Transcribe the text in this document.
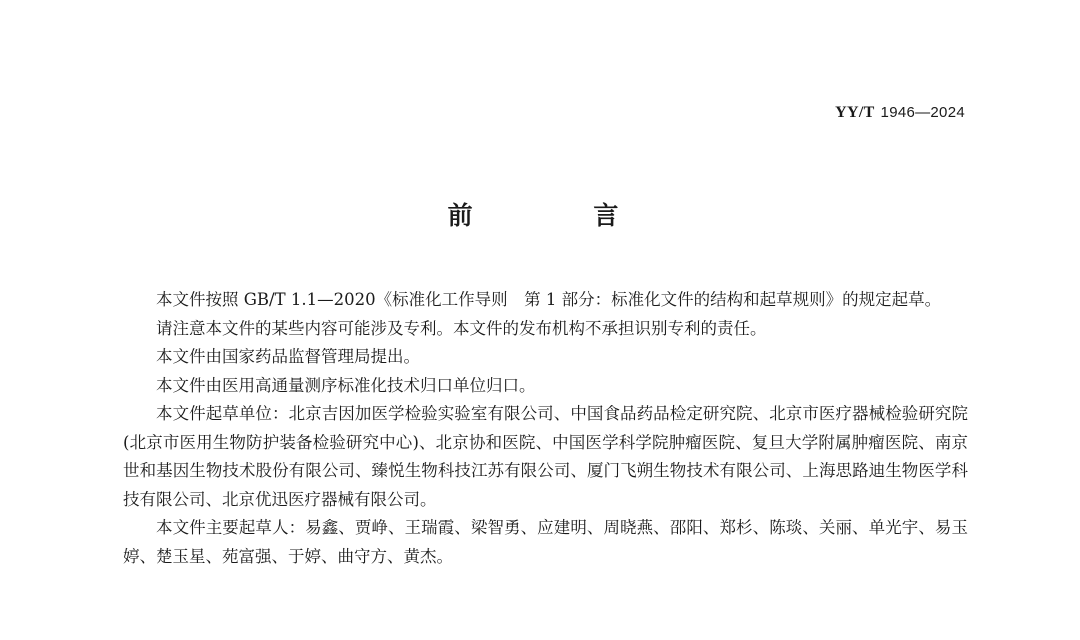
YY/T 1946—2024
前 言

本文件按照 GB/T 1.1—2020《标准化工作导则　第 1 部分：标准化文件的结构和起草规则》的规定起草。

请注意本文件的某些内容可能涉及专利。本文件的发布机构不承担识别专利的责任。

本文件由国家药品监督管理局提出。

本文件由医用高通量测序标准化技术归口单位归口。

本文件起草单位：北京吉因加医学检验实验室有限公司、中国食品药品检定研究院、北京市医疗器械检验研究院(北京市医用生物防护装备检验研究中心)、北京协和医院、中国医学科学院肿瘤医院、复旦大学附属肿瘤医院、南京世和基因生物技术股份有限公司、臻悦生物科技江苏有限公司、厦门飞朔生物技术有限公司、上海思路迪生物医学科技有限公司、北京优迅医疗器械有限公司。

本文件主要起草人：易鑫、贾峥、王瑞霞、梁智勇、应建明、周晓燕、邵阳、郑杉、陈琰、关丽、单光宇、易玉婷、楚玉星、苑富强、于婷、曲守方、黄杰。
